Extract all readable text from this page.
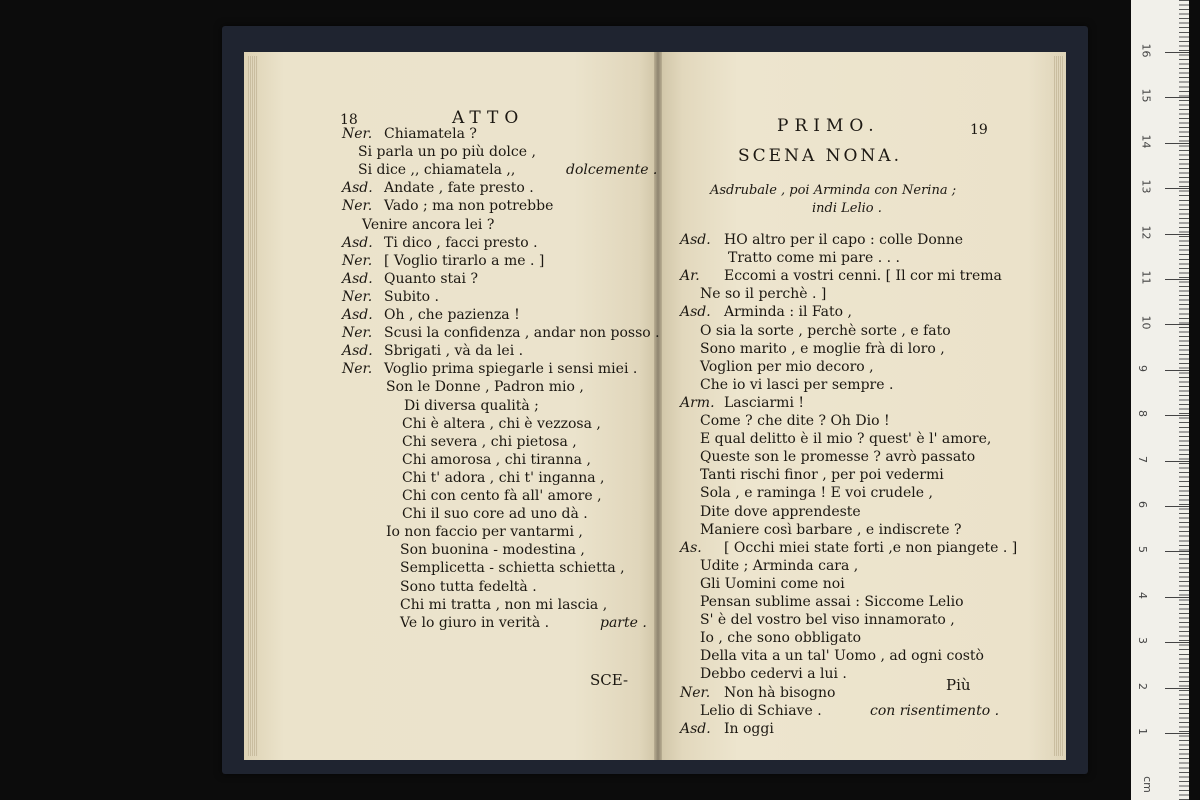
18	ATTO
Ner. Chiamatela ?
Si parla un po più dolce ,
Si dice ,, chiamatela ,,	dolcemente .
Asd. Andate , fate presto .
Ner. Vado ; ma non potrebbe
Venire ancora lei ?
Asd. Ti dico , facci presto .
Ner. [ Voglio tirarlo a me . ]
Asd. Quanto stai ?
Ner. Subito .
Asd. Oh , che pazienza !
Ner. Scusi la confidenza , andar non posso .
Asd. Sbrigati , và da lei .
Ner. Voglio prima spiegarle i sensi miei .
Son le Donne , Padron mio ,
Di diversa qualità ;
Chi è altera , chi è vezzosa ,
Chi severa , chi pietosa ,
Chi amorosa , chi tiranna ,
Chi t' adora , chi t' inganna ,
Chi con cento fà all' amore ,
Chi il suo core ad uno dà .
Io non faccio per vantarmi ,
Son buonina - modestina ,
Semplicetta - schietta schietta ,
Sono tutta fedeltà .
Chi mi tratta , non mi lascia ,
Ve lo giuro in verità .	parte .
SCE-
PRIMO.	19
SCENA NONA.
Asdrubale , poi Arminda con Nerina ;
indi Lelio .
Asd. HO altro per il capo : colle Donne
Tratto come mi pare . . .
Ar. Eccomi a vostri cenni. [ Il cor mi trema
Ne so il perchè . ]
Asd. Arminda : il Fato ,
O sia la sorte , perchè sorte , e fato
Sono marito , e moglie frà di loro ,
Voglion per mio decoro ,
Che io vi lasci per sempre .
Arm. Lasciarmi !
Come ? che dite ? Oh Dio !
E qual delitto è il mio ? quest' è l' amore,
Queste son le promesse ? avrò passato
Tanti rischi finor , per poi vedermi
Sola , e raminga ! E voi crudele ,
Dite dove apprendeste
Maniere così barbare , e indiscrete ?
As. [ Occhi miei state forti ,e non piangete . ]
Udite ; Arminda cara ,
Gli Uomini come noi
Pensan sublime assai : Siccome Lelio
S' è del vostro bel viso innamorato ,
Io , che sono obbligato
Della vita a un tal' Uomo , ad ogni costò
Debbo cedervi a lui .
Ner. Non hà bisogno
Lelio di Schiave .	con risentimento .
Asd. In oggi
Più
cm
1
2
3
4
5
6
7
8
9
10
11
12
13
14
15
16
